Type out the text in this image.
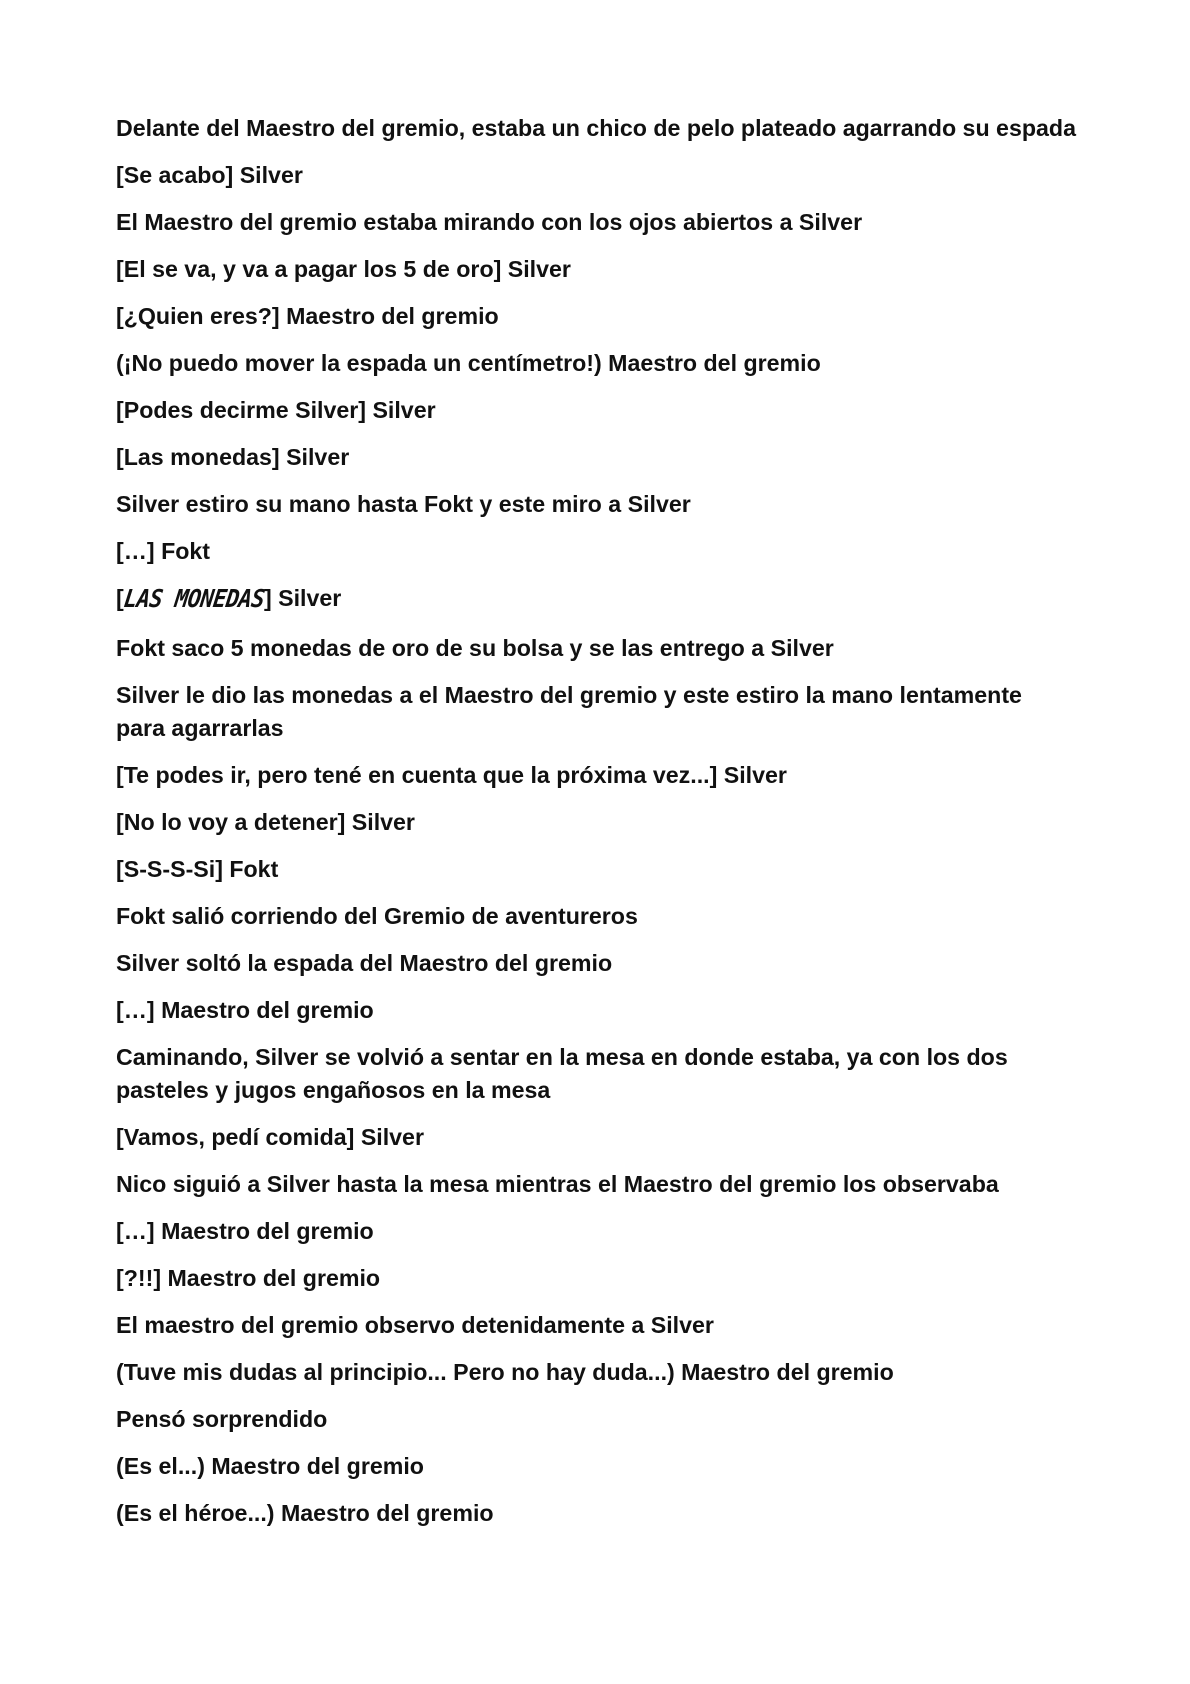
Delante del Maestro del gremio, estaba un chico de pelo plateado agarrando su espada

[Se acabo] Silver

El Maestro del gremio estaba mirando con los ojos abiertos a Silver

[El se va, y va a pagar los 5 de oro] Silver

[¿Quien eres?] Maestro del gremio

(¡No puedo mover la espada un centímetro!) Maestro del gremio

[Podes decirme Silver] Silver

[Las monedas] Silver

Silver estiro su mano hasta Fokt y este miro a Silver

[…] Fokt

[LAS MONEDAS] Silver

Fokt saco 5 monedas de oro de su bolsa y se las entrego a Silver

Silver le dio las monedas a el Maestro del gremio y este estiro la mano lentamente para agarrarlas

[Te podes ir, pero tené en cuenta que la próxima vez...] Silver

[No lo voy a detener] Silver

[S-S-S-Si] Fokt

Fokt salió corriendo del Gremio de aventureros

Silver soltó la espada del Maestro del gremio

[…] Maestro del gremio

Caminando, Silver se volvió a sentar en la mesa en donde estaba, ya con los dos pasteles y jugos engañosos en la mesa

[Vamos, pedí comida] Silver

Nico siguió a Silver hasta la mesa mientras el Maestro del gremio los observaba

[…] Maestro del gremio

[?!!] Maestro del gremio

El maestro del gremio observo detenidamente a Silver

(Tuve mis dudas al principio... Pero no hay duda...) Maestro del gremio

Pensó sorprendido

(Es el...) Maestro del gremio

(Es el héroe...) Maestro del gremio
